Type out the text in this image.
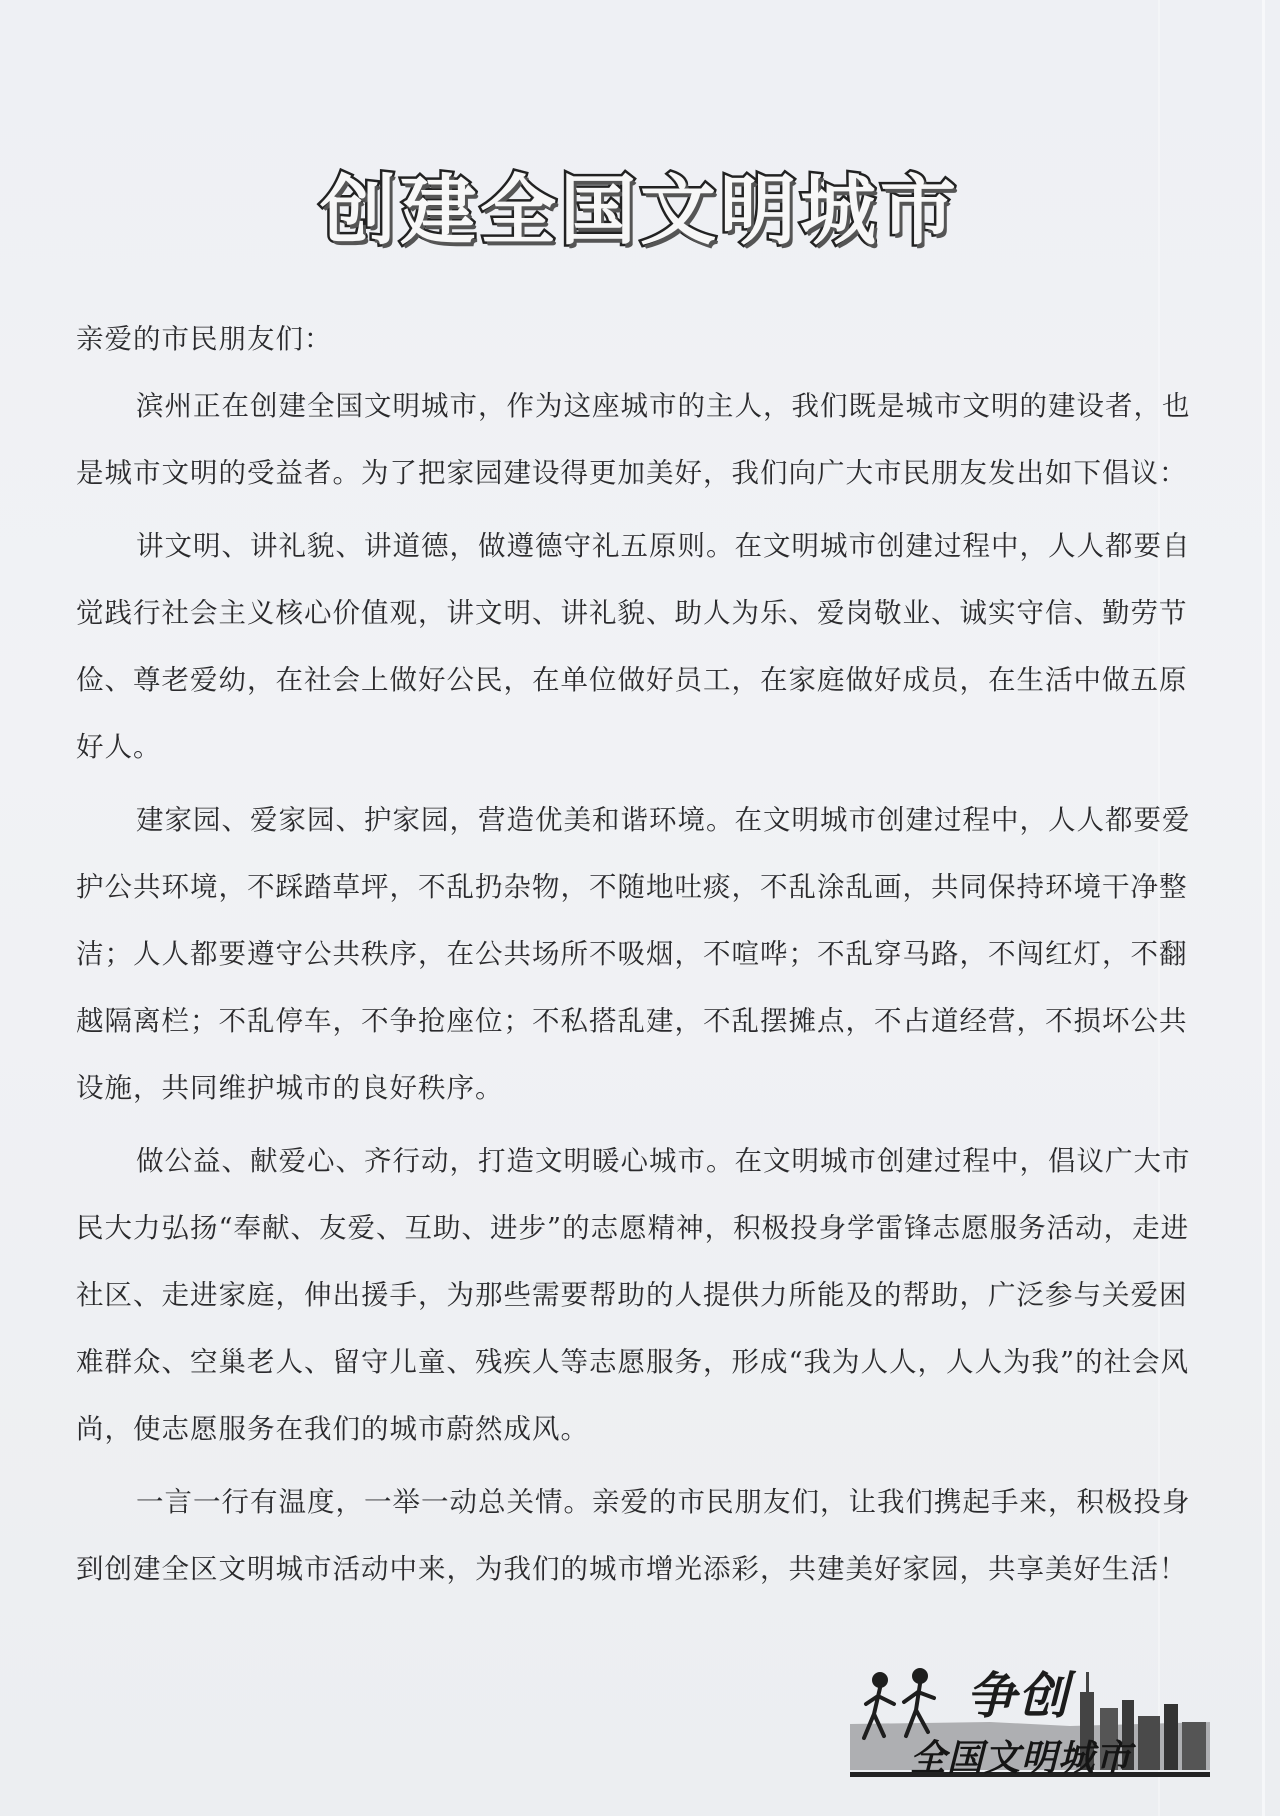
创建全国文明城市

亲爱的市民朋友们：

滨州正在创建全国文明城市，作为这座城市的主人，我们既是城市文明的建设者，也是城市文明的受益者。为了把家园建设得更加美好，我们向广大市民朋友发出如下倡议：

讲文明、讲礼貌、讲道德，做遵德守礼五原则。在文明城市创建过程中，人人都要自觉践行社会主义核心价值观，讲文明、讲礼貌、助人为乐、爱岗敬业、诚实守信、勤劳节俭、尊老爱幼，在社会上做好公民，在单位做好员工，在家庭做好成员，在生活中做五原好人。

建家园、爱家园、护家园，营造优美和谐环境。在文明城市创建过程中，人人都要爱护公共环境，不踩踏草坪，不乱扔杂物，不随地吐痰，不乱涂乱画，共同保持环境干净整洁；人人都要遵守公共秩序，在公共场所不吸烟，不喧哗；不乱穿马路，不闯红灯，不翻越隔离栏；不乱停车，不争抢座位；不私搭乱建，不乱摆摊点，不占道经营，不损坏公共设施，共同维护城市的良好秩序。

做公益、献爱心、齐行动，打造文明暖心城市。在文明城市创建过程中，倡议广大市民大力弘扬“奉献、友爱、互助、进步”的志愿精神，积极投身学雷锋志愿服务活动，走进社区、走进家庭，伸出援手，为那些需要帮助的人提供力所能及的帮助，广泛参与关爱困难群众、空巢老人、留守儿童、残疾人等志愿服务，形成“我为人人，人人为我”的社会风尚，使志愿服务在我们的城市蔚然成风。

一言一行有温度，一举一动总关情。亲爱的市民朋友们，让我们携起手来，积极投身到创建全区文明城市活动中来，为我们的城市增光添彩，共建美好家园，共享美好生活！

争创
全国文明城市
